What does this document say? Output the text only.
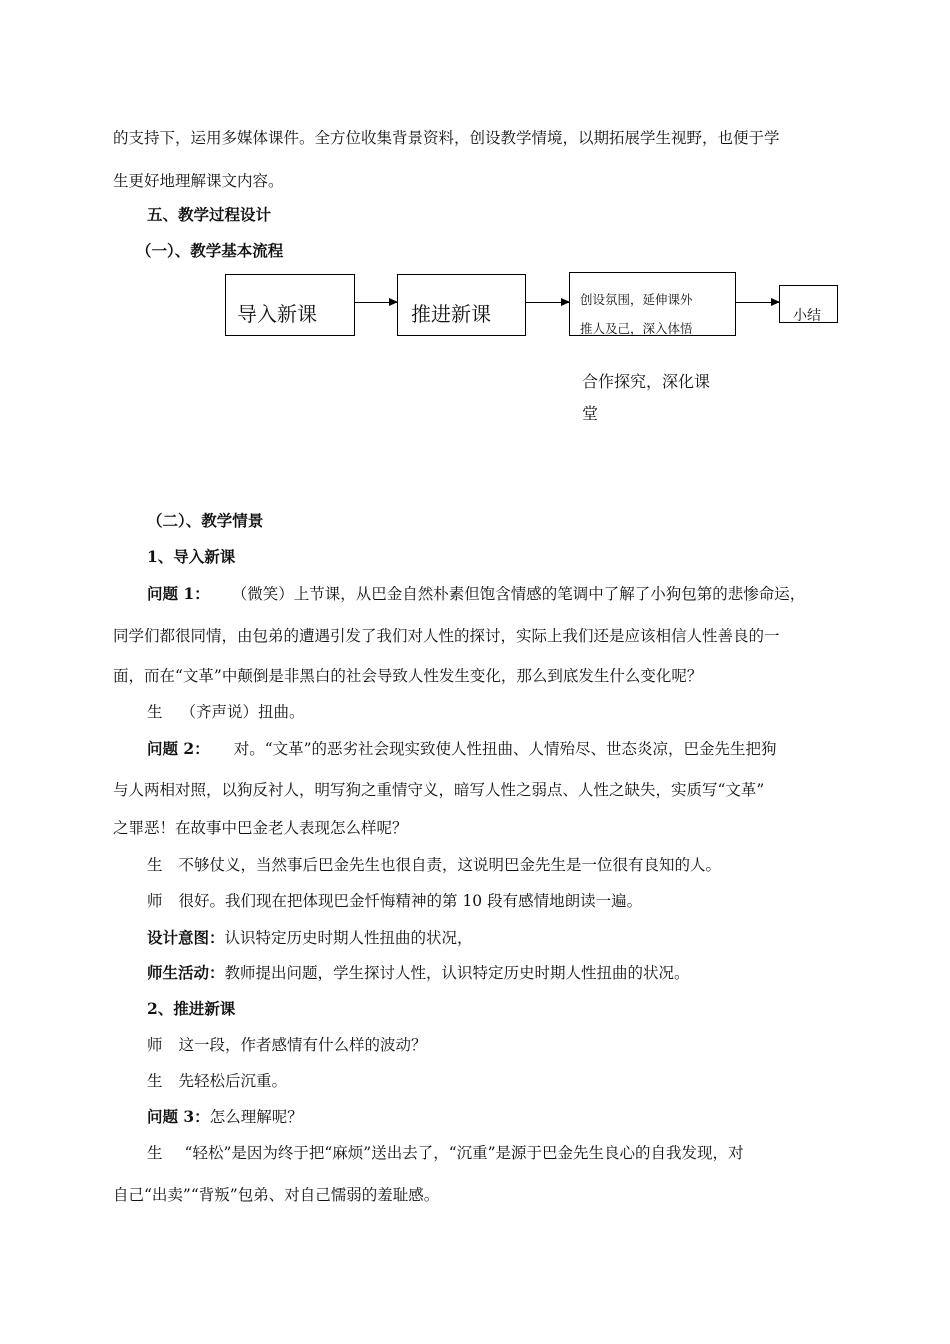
的支持下，运用多媒体课件。全方位收集背景资料，创设教学情境，以期拓展学生视野，也便于学
生更好地理解课文内容。
五、教学过程设计
（一）、教学基本流程
导入新课	推进新课
创设氛围，延伸课外
推人及己，深入体悟
小结
合作探究，深化课
堂
（二）、教学情景
1、导入新课
问题 1： （微笑）上节课，从巴金自然朴素但饱含情感的笔调中了解了小狗包第的悲惨命运，
同学们都很同情，由包弟的遭遇引发了我们对人性的探讨，实际上我们还是应该相信人性善良的一
面，而在“文革”中颠倒是非黑白的社会导致人性发生变化，那么到底发生什么变化呢？
生 （齐声说）扭曲。
问题 2： 对。“文革”的恶劣社会现实致使人性扭曲、人情殆尽、世态炎凉，巴金先生把狗
与人两相对照，以狗反衬人，明写狗之重情守义，暗写人性之弱点、人性之缺失，实质写“文革”
之罪恶！在故事中巴金老人表现怎么样呢？
生 不够仗义，当然事后巴金先生也很自责，这说明巴金先生是一位很有良知的人。
师 很好。我们现在把体现巴金忏悔精神的第 10 段有感情地朗读一遍。
设计意图：认识特定历史时期人性扭曲的状况，
师生活动：教师提出问题，学生探讨人性，认识特定历史时期人性扭曲的状况。
2、推进新课
师 这一段，作者感情有什么样的波动？
生 先轻松后沉重。
问题 3：怎么理解呢？
生 “轻松”是因为终于把“麻烦”送出去了，“沉重”是源于巴金先生良心的自我发现，对
自己“出卖”“背叛”包弟、对自己懦弱的羞耻感。
